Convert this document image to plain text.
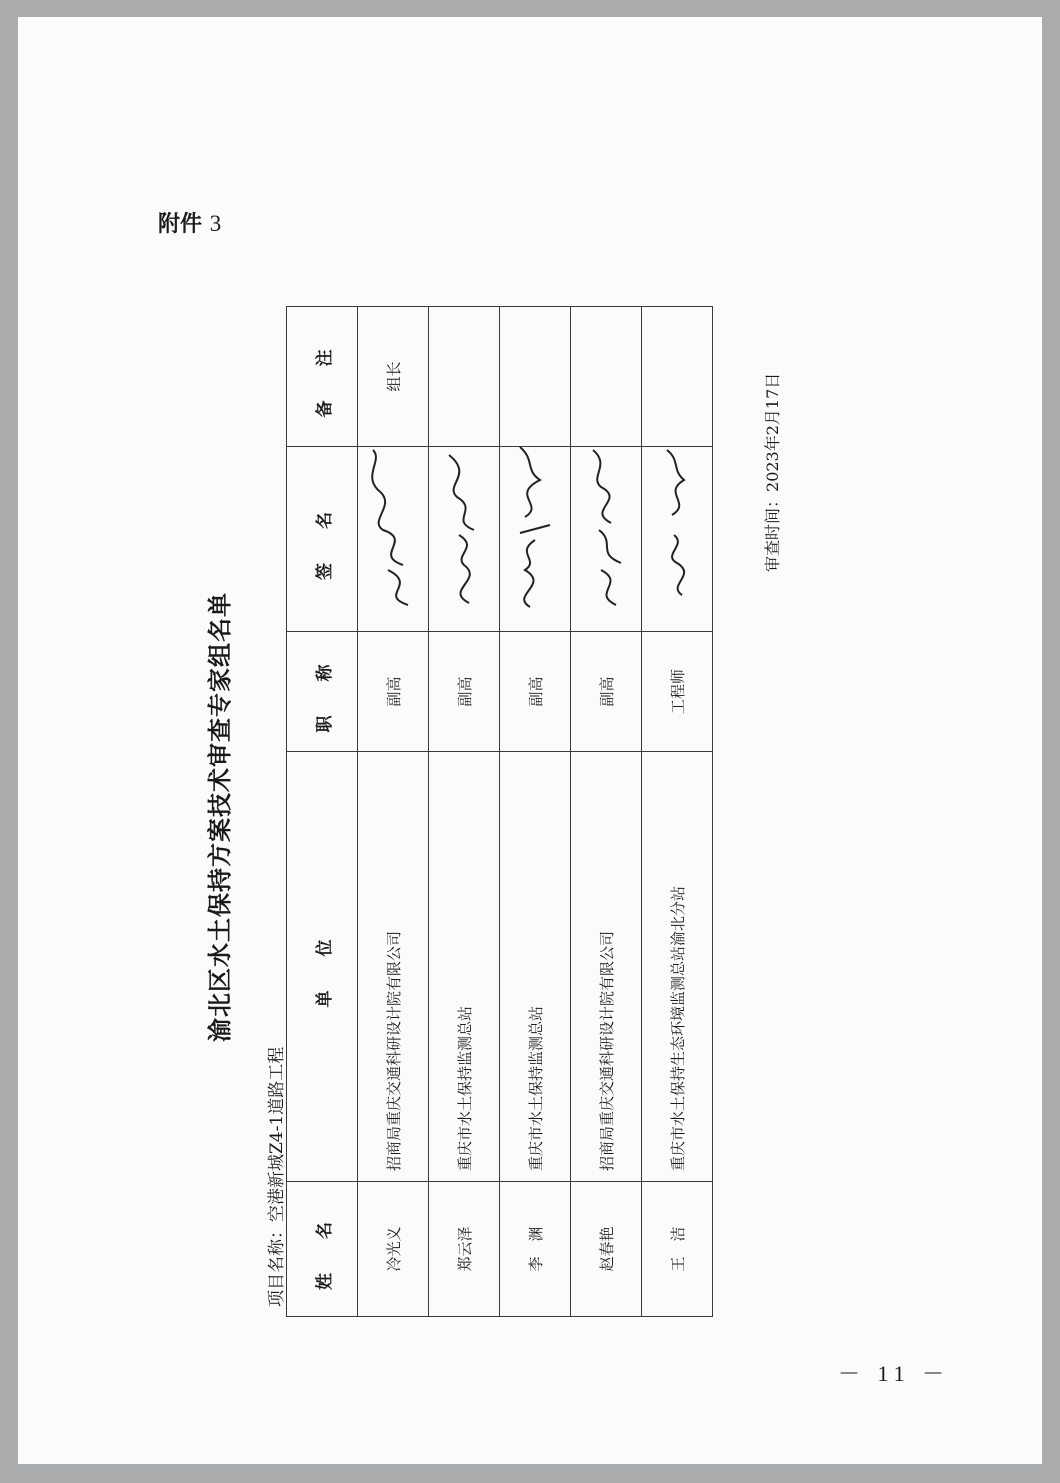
附件 3
渝北区水土保持方案技术审查专家组名单
项目名称：空港新城Z4-1道路工程
姓 名	单 位	职 称	签 名	备 注
冷光义	招商局重庆交通科研设计院有限公司	副高		组长
郑云泽	重庆市水土保持监测总站	副高	

李　渊	重庆市水土保持监测总站	副高	

赵春艳	招商局重庆交通科研设计院有限公司	副高	

王　洁	重庆市水土保持生态环境监测总站渝北分站	工程师	

审查时间：2023年2月17日
－ 11 －
